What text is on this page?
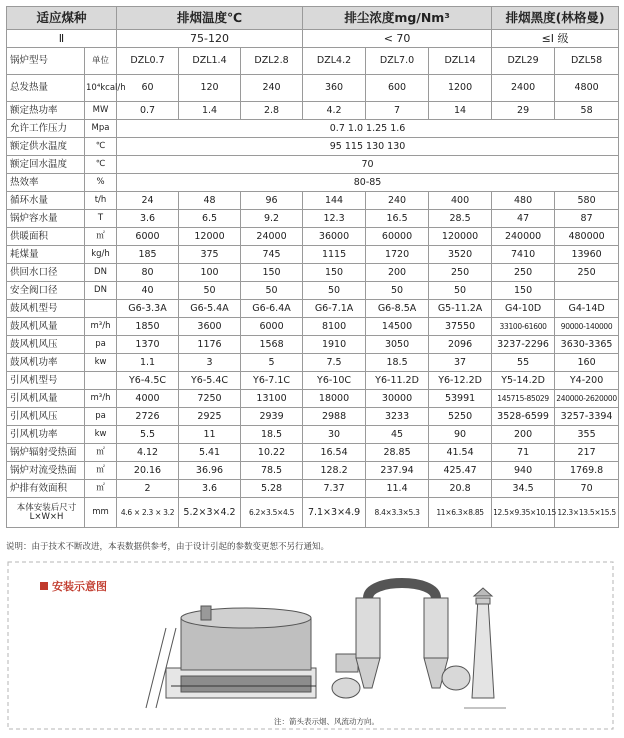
适应煤种		排烟温度℃			排尘浓度mg/Nm³			排烟黑度(林格曼)	
Ⅱ		75-120			< 70			≤Ⅰ 级	
锅炉型号	单位	DZL0.7	DZL1.4	DZL2.8	DZL4.2	DZL7.0	DZL14	DZL29	DZL58
总发热量	10⁴kcal/h	60	120	240	360	600	1200	2400	4800
额定热功率	MW	0.7	1.4	2.8	4.2	7	14	29	58
允许工作压力	Mpa	0.7 1.0 1.25 1.6							
额定供水温度	℃	95 115 130 130							
额定回水温度	℃	70							
热效率	%	80-85							
循环水量	t/h	24	48	96	144	240	400	480	580
锅炉容水量	T	3.6	6.5	9.2	12.3	16.5	28.5	47	87
供暖面积	㎡	6000	12000	24000	36000	60000	120000	240000	480000
耗煤量	kg/h	185	375	745	1115	1720	3520	7410	13960
供回水口径	DN	80	100	150	150	200	250	250	250
安全阀口径	DN	40	50	50	50	50	50	150	
鼓风机型号		G6-3.3A	G6-5.4A	G6-6.4A	G6-7.1A	G6-8.5A	G5-11.2A	G4-10D	G4-14D
鼓风机风量	m³/h	1850	3600	6000	8100	14500	37550	33100-61600	90000-140000
鼓风机风压	pa	1370	1176	1568	1910	3050	2096	3237-2296	3630-3365
鼓风机功率	kw	1.1	3	5	7.5	18.5	37	55	160
引风机型号		Y6-4.5C	Y6-5.4C	Y6-7.1C	Y6-10C	Y6-11.2D	Y6-12.2D	Y5-14.2D	Y4-200
引风机风量	m³/h	4000	7250	13100	18000	30000	53991	145715-85029	240000-2620000
引风机风压	pa	2726	2925	2939	2988	3233	5250	3528-6599	3257-3394
引风机功率	kw	5.5	11	18.5	30	45	90	200	355
锅炉辐射受热面	㎡	4.12	5.41	10.22	16.54	28.85	41.54	71	217
锅炉对流受热面	㎡	20.16	36.96	78.5	128.2	237.94	425.47	940	1769.8
炉排有效面积	㎡	2	3.6	5.28	7.37	11.4	20.8	34.5	70
本体安装后尺寸 L×W×H	mm	4.6 × 2.3 × 3.2	5.2×3×4.2	6.2×3.5×4.5	7.1×3×4.9	8.4×3.3×5.3	11×6.3×8.85	12.5×9.35×10.15	12.3×13.5×15.5
说明：由于技术不断改进，本表数据供参考，由于设计引起的参数变更恕不另行通知。
安装示意图
注：箭头表示烟、风流动方向。
